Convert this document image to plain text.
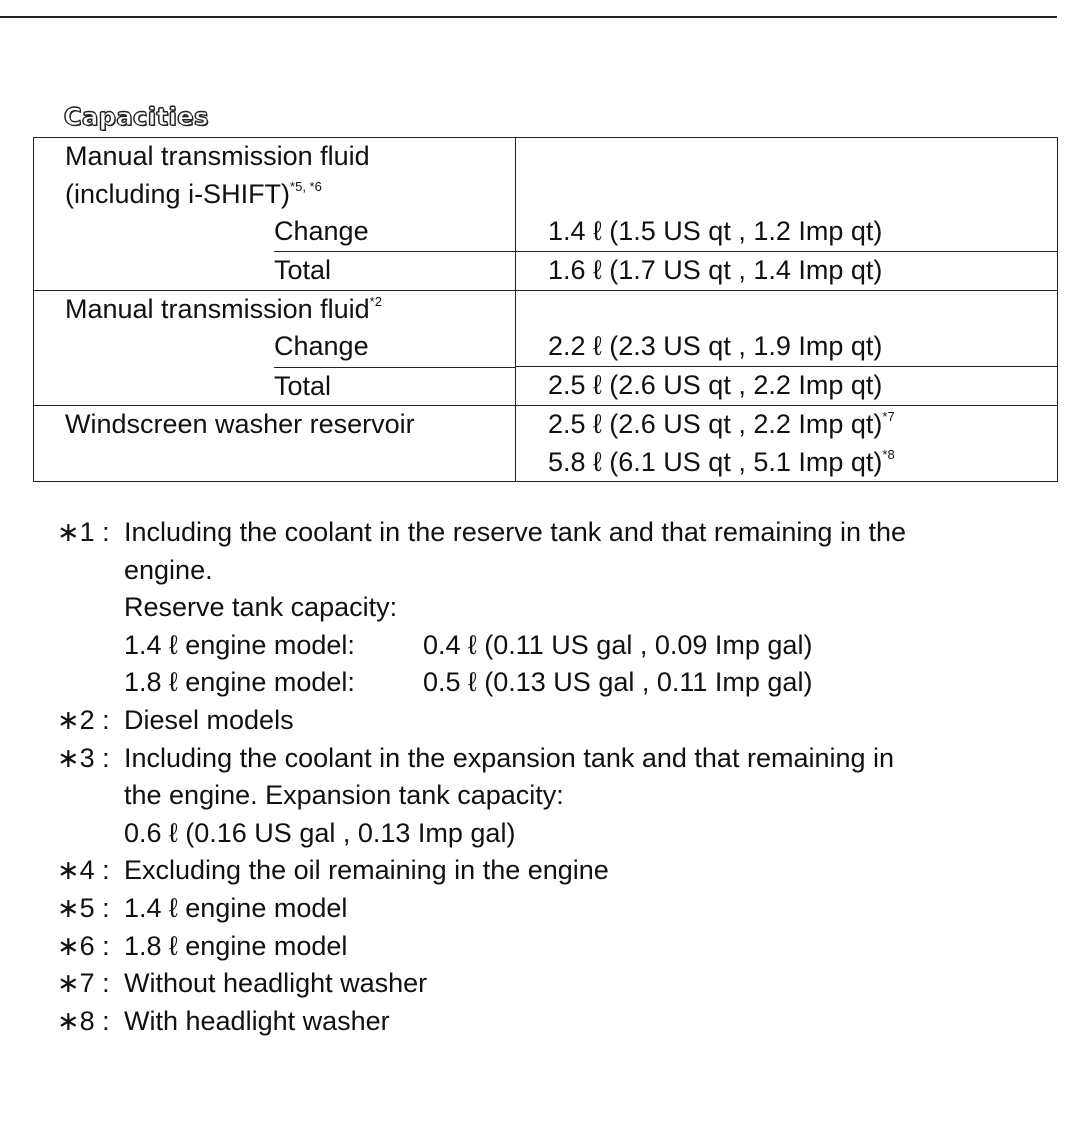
Capacities
Manual transmission fluid
(including i-SHIFT)$^{*5, *6}$

Change	1.4 ℓ (1.5 US qt , 1.2 Imp qt)

Total	1.6 ℓ (1.7 US qt , 1.4 Imp qt)

Manual transmission fluid$^{*2}$

Change	2.2 ℓ (2.3 US qt , 1.9 Imp qt)

Total	2.5 ℓ (2.6 US qt , 2.2 Imp qt)

Windscreen washer reservoir	2.5 ℓ (2.6 US qt , 2.2 Imp qt)$^{*7}$
	5.8 ℓ (6.1 US qt , 5.1 Imp qt)$^{*8}$
∗1 : Including the coolant in the reserve tank and that remaining in the
engine.
Reserve tank capacity:
1.4 ℓ engine model:	0.4 ℓ (0.11 US gal , 0.09 Imp gal)
1.8 ℓ engine model:	0.5 ℓ (0.13 US gal , 0.11 Imp gal)
∗2 : Diesel models
∗3 : Including the coolant in the expansion tank and that remaining in
the engine. Expansion tank capacity:
0.6 ℓ (0.16 US gal , 0.13 Imp gal)
∗4 : Excluding the oil remaining in the engine
∗5 : 1.4 ℓ engine model
∗6 : 1.8 ℓ engine model
∗7 : Without headlight washer
∗8 : With headlight washer
